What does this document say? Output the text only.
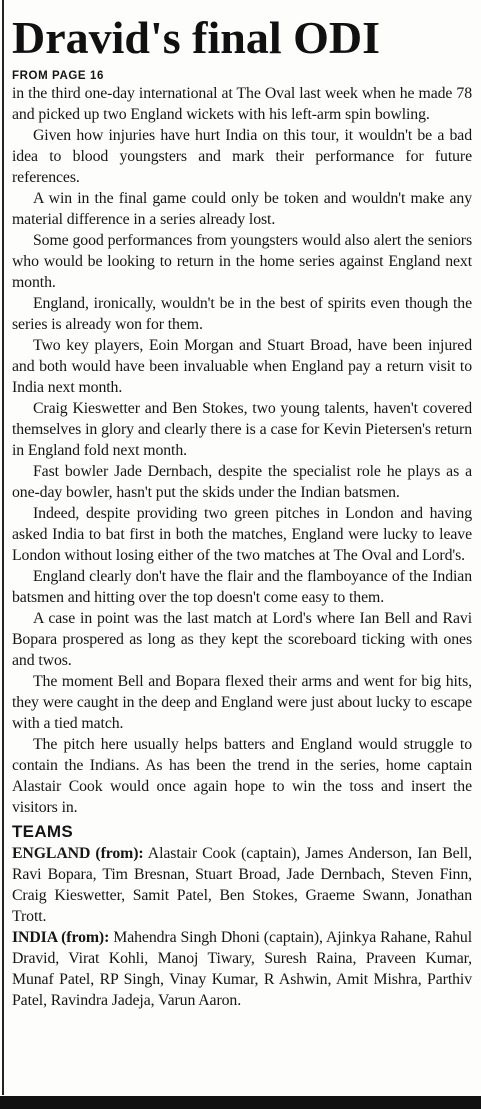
Dravid's final ODI
FROM PAGE 16

in the third one-day international at The Oval last week when he made 78 and picked up two England wickets with his left-arm spin bowling.

Given how injuries have hurt India on this tour, it wouldn't be a bad idea to blood youngsters and mark their performance for future references.

A win in the final game could only be token and wouldn't make any material difference in a series already lost.

Some good performances from youngsters would also alert the seniors who would be looking to return in the home series against England next month.

England, ironically, wouldn't be in the best of spirits even though the series is already won for them.

Two key players, Eoin Morgan and Stuart Broad, have been injured and both would have been invaluable when England pay a return visit to India next month.

Craig Kieswetter and Ben Stokes, two young talents, haven't covered themselves in glory and clearly there is a case for Kevin Pietersen's return in England fold next month.

Fast bowler Jade Dernbach, despite the specialist role he plays as a one-day bowler, hasn't put the skids under the Indian batsmen.

Indeed, despite providing two green pitches in London and having asked India to bat first in both the matches, England were lucky to leave London without losing either of the two matches at The Oval and Lord's.

England clearly don't have the flair and the flamboyance of the Indian batsmen and hitting over the top doesn't come easy to them.

A case in point was the last match at Lord's where Ian Bell and Ravi Bopara prospered as long as they kept the scoreboard ticking with ones and twos.

The moment Bell and Bopara flexed their arms and went for big hits, they were caught in the deep and England were just about lucky to escape with a tied match.

The pitch here usually helps batters and England would struggle to contain the Indians. As has been the trend in the series, home captain Alastair Cook would once again hope to win the toss and insert the visitors in.

TEAMS

ENGLAND (from): Alastair Cook (captain), James Anderson, Ian Bell, Ravi Bopara, Tim Bresnan, Stuart Broad, Jade Dernbach, Steven Finn, Craig Kieswetter, Samit Patel, Ben Stokes, Graeme Swann, Jonathan Trott.

INDIA (from): Mahendra Singh Dhoni (captain), Ajinkya Rahane, Rahul Dravid, Virat Kohli, Manoj Tiwary, Suresh Raina, Praveen Kumar, Munaf Patel, RP Singh, Vinay Kumar, R Ashwin, Amit Mishra, Parthiv Patel, Ravindra Jadeja, Varun Aaron.
